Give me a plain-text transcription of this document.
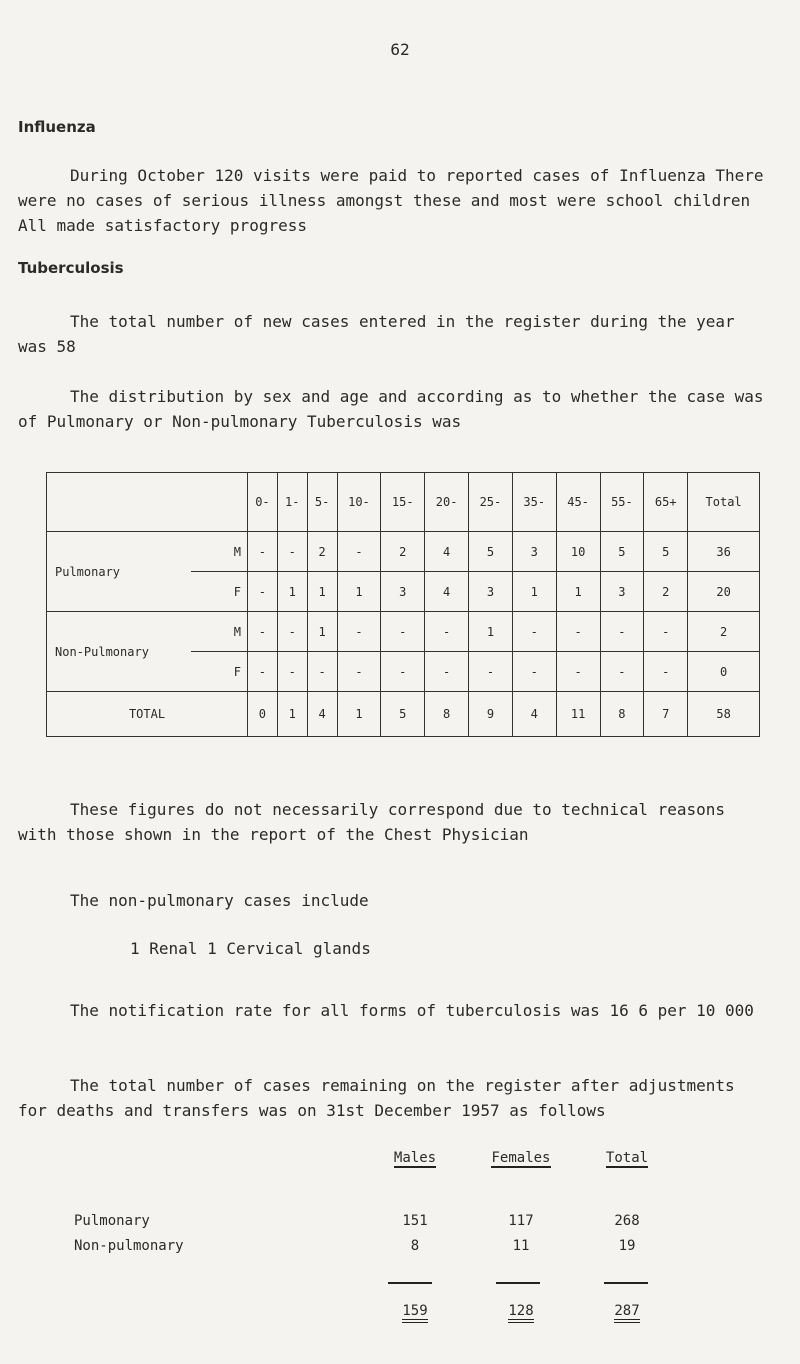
62
Influenza
During October 120 visits were paid to reported cases of Influenza There were no cases of serious illness amongst these and most were school children All made satisfactory progress
Tuberculosis
The total number of new cases entered in the register during the year was 58
The distribution by sex and age and according as to whether the case was of Pulmonary or Non-pulmonary Tuberculosis was
		0-	1-	5-	10-	15-	20-	25-	35-	45-	55-	65+	Total
Pulmonary	M	-	-	2	-	2	4	5	3	10	5	5	36
	F	-	1	1	1	3	4	3	1	1	3	2	20
Non-Pulmonary	M	-	-	1	-	-	-	1	-	-	-	-	2
	F	-	-	-	-	-	-	-	-	-	-	-	0
TOTAL		0	1	4	1	5	8	9	4	11	8	7	58
These figures do not necessarily correspond due to technical reasons with those shown in the report of the Chest Physician
The non-pulmonary cases include
1 Renal 1 Cervical glands
The notification rate for all forms of tuberculosis was 16 6 per 10 000
The total number of cases remaining on the register after adjustments for deaths and transfers was on 31st December 1957 as follows
Males	Females	Total
Pulmonary	151	117	268
Non-pulmonary	8	11	19
159	128	287
